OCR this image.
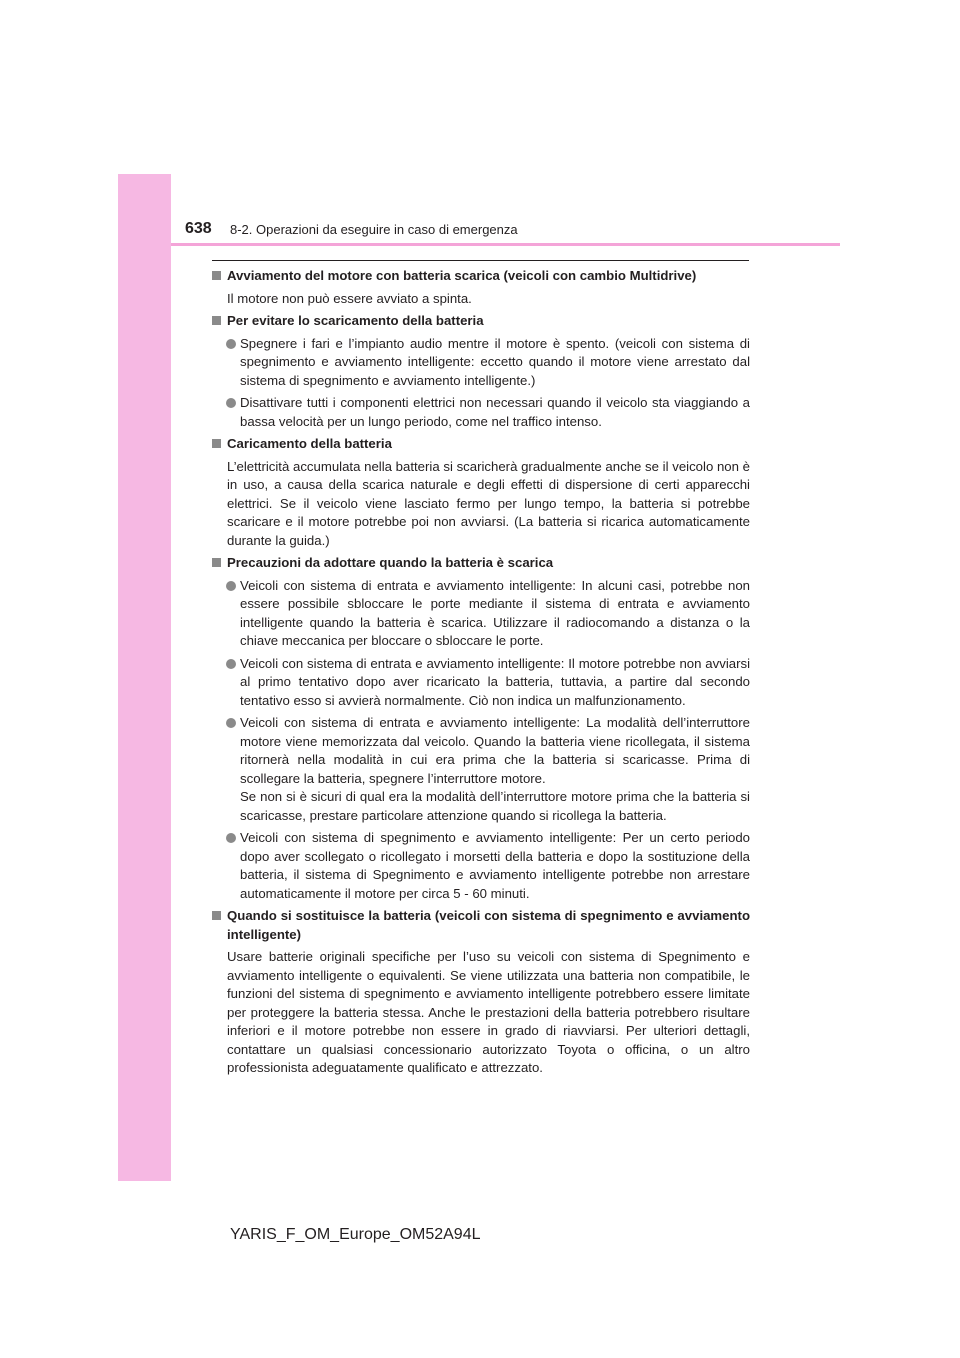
638 8-2. Operazioni da eseguire in caso di emergenza
Avviamento del motore con batteria scarica (veicoli con cambio Multidrive)
Il motore non può essere avviato a spinta.
Per evitare lo scaricamento della batteria
Spegnere i fari e l’impianto audio mentre il motore è spento. (veicoli con sistema di spegnimento e avviamento intelligente: eccetto quando il motore viene arrestato dal sistema di spegnimento e avviamento intelligente.)
Disattivare tutti i componenti elettrici non necessari quando il veicolo sta viaggiando a bassa velocità per un lungo periodo, come nel traffico intenso.
Caricamento della batteria
L’elettricità accumulata nella batteria si scaricherà gradualmente anche se il veicolo non è in uso, a causa della scarica naturale e degli effetti di dispersione di certi apparecchi elettrici. Se il veicolo viene lasciato fermo per lungo tempo, la batteria si potrebbe scaricare e il motore potrebbe poi non avviarsi. (La batteria si ricarica automaticamente durante la guida.)
Precauzioni da adottare quando la batteria è scarica
Veicoli con sistema di entrata e avviamento intelligente: In alcuni casi, potrebbe non essere possibile sbloccare le porte mediante il sistema di entrata e avviamento intelligente quando la batteria è scarica. Utilizzare il radiocomando a distanza o la chiave meccanica per bloccare o sbloccare le porte.
Veicoli con sistema di entrata e avviamento intelligente: Il motore potrebbe non avviarsi al primo tentativo dopo aver ricaricato la batteria, tuttavia, a partire dal secondo tentativo esso si avvierà normalmente. Ciò non indica un malfunzionamento.
Veicoli con sistema di entrata e avviamento intelligente: La modalità dell’interruttore motore viene memorizzata dal veicolo. Quando la batteria viene ricollegata, il sistema ritornerà nella modalità in cui era prima che la batteria si scaricasse. Prima di scollegare la batteria, spegnere l’interruttore motore.
Se non si è sicuri di qual era la modalità dell’interruttore motore prima che la batteria si scaricasse, prestare particolare attenzione quando si ricollega la batteria.
Veicoli con sistema di spegnimento e avviamento intelligente: Per un certo periodo dopo aver scollegato o ricollegato i morsetti della batteria e dopo la sostituzione della batteria, il sistema di Spegnimento e avviamento intelligente potrebbe non arrestare automaticamente il motore per circa 5 - 60 minuti.
Quando si sostituisce la batteria (veicoli con sistema di spegnimento e avviamento intelligente)
Usare batterie originali specifiche per l’uso su veicoli con sistema di Spegnimento e avviamento intelligente o equivalenti. Se viene utilizzata una batteria non compatibile, le funzioni del sistema di spegnimento e avviamento intelligente potrebbero essere limitate per proteggere la batteria stessa. Anche le prestazioni della batteria potrebbero risultare inferiori e il motore potrebbe non essere in grado di riavviarsi. Per ulteriori dettagli, contattare un qualsiasi concessionario autorizzato Toyota o officina, o un altro professionista adeguatamente qualificato e attrezzato.
YARIS_F_OM_Europe_OM52A94L
